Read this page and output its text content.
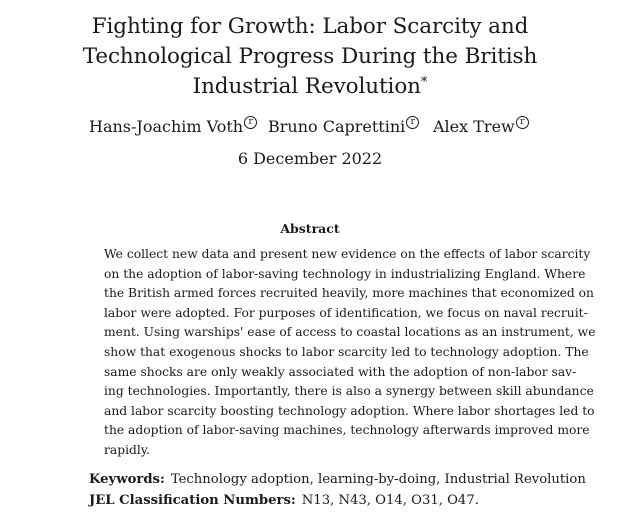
Fighting for Growth: Labor Scarcity and
Technological Progress During the British
Industrial Revolution*
Hans-Joachim Voth $^r$ Bruno Caprettini $^r$ Alex Trew $^r$
6 December 2022
Abstract
We collect new data and present new evidence on the effects of labor scarcity
on the adoption of labor-saving technology in industrializing England. Where
the British armed forces recruited heavily, more machines that economized on
labor were adopted. For purposes of identification, we focus on naval recruit-
ment. Using warships' ease of access to coastal locations as an instrument, we
show that exogenous shocks to labor scarcity led to technology adoption. The
same shocks are only weakly associated with the adoption of non-labor sav-
ing technologies. Importantly, there is also a synergy between skill abundance
and labor scarcity boosting technology adoption. Where labor shortages led to
the adoption of labor-saving machines, technology afterwards improved more
rapidly.
Keywords: Technology adoption, learning-by-doing, Industrial Revolution
JEL Classification Numbers: N13, N43, O14, O31, O47.
